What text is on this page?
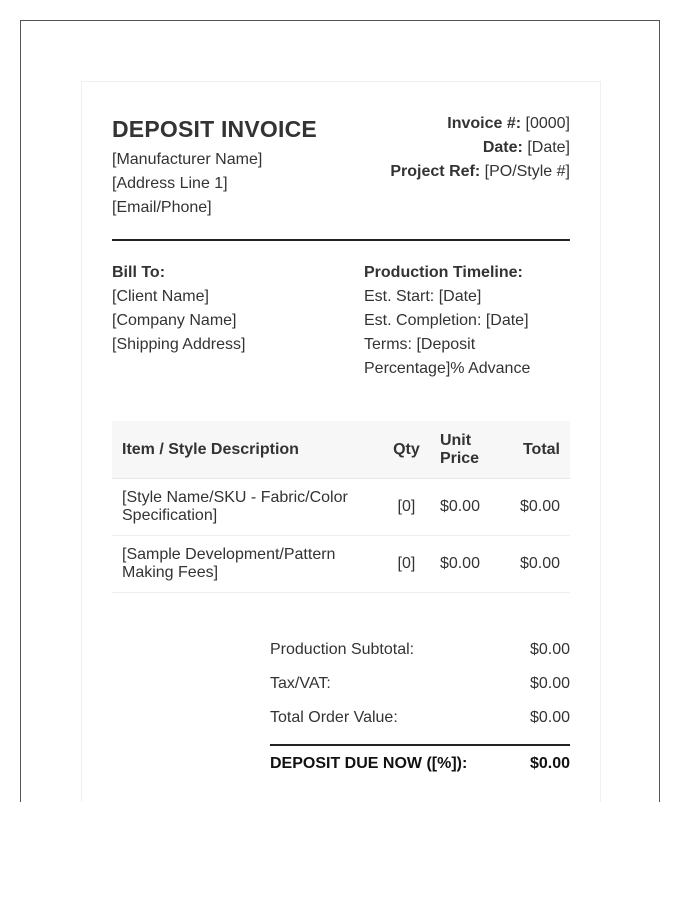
DEPOSIT INVOICE
[Manufacturer Name]
[Address Line 1]
[Email/Phone]
Invoice #: [0000]
Date: [Date]
Project Ref: [PO/Style #]
Bill To:
[Client Name]
[Company Name]
[Shipping Address]
Production Timeline:
Est. Start: [Date]
Est. Completion: [Date]
Terms: [Deposit Percentage]% Advance
Item / Style Description	Qty	Unit Price	Total
[Style Name/SKU - Fabric/Color Specification]	[0]	$0.00	$0.00
[Sample Development/Pattern Making Fees]	[0]	$0.00	$0.00
Production Subtotal:	$0.00
Tax/VAT:	$0.00
Total Order Value:	$0.00
DEPOSIT DUE NOW ([%]):	$0.00
